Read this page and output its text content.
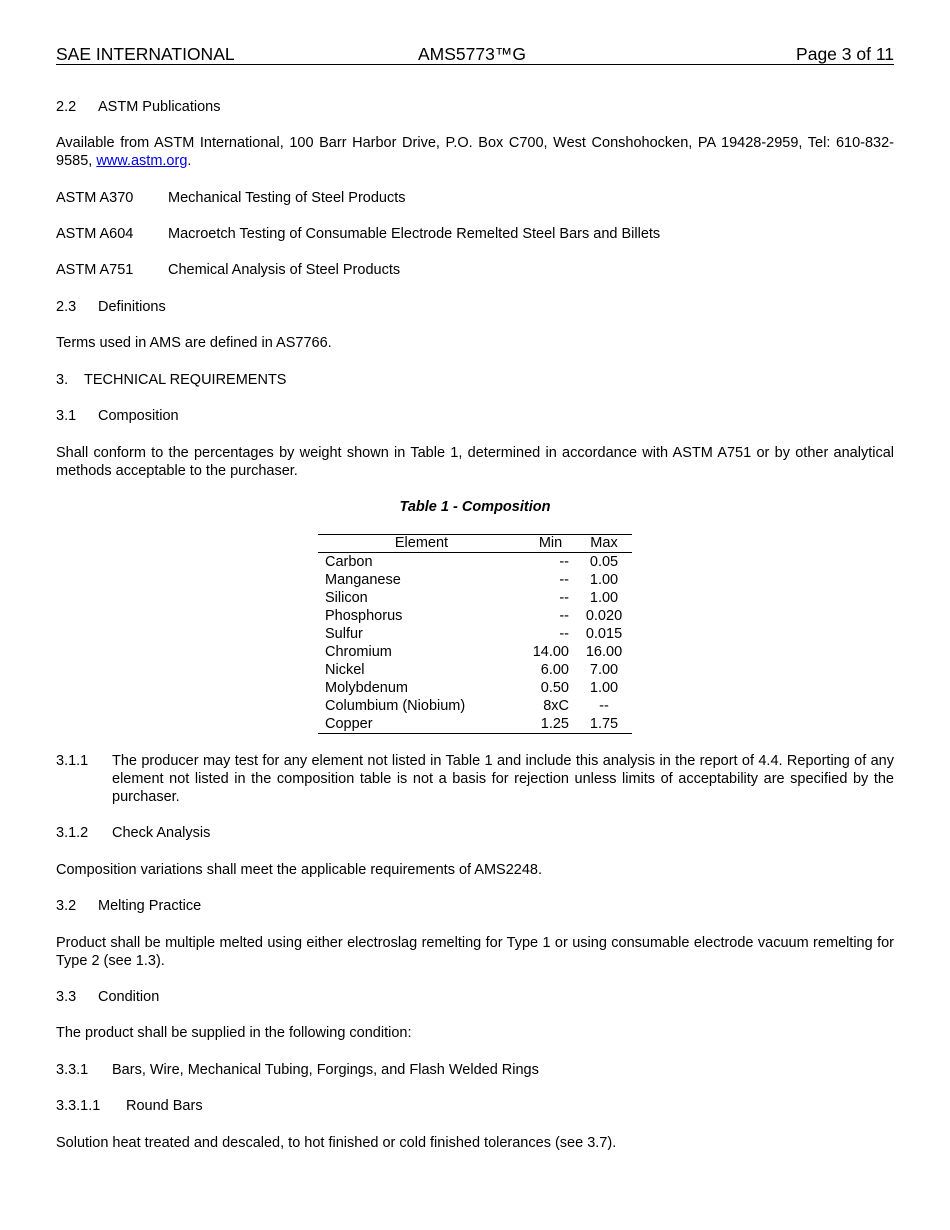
SAE INTERNATIONAL	AMS5773™G	Page 3 of 11
2.2 ASTM Publications
Available from ASTM International, 100 Barr Harbor Drive, P.O. Box C700, West Conshohocken, PA 19428-2959, Tel: 610-832-9585, www.astm.org.
ASTM A370 Mechanical Testing of Steel Products
ASTM A604 Macroetch Testing of Consumable Electrode Remelted Steel Bars and Billets
ASTM A751 Chemical Analysis of Steel Products
2.3 Definitions
Terms used in AMS are defined in AS7766.
3. TECHNICAL REQUIREMENTS
3.1 Composition
Shall conform to the percentages by weight shown in Table 1, determined in accordance with ASTM A751 or by other analytical methods acceptable to the purchaser.
Table 1 - Composition
Element	Min	Max
Carbon	--	0.05
Manganese	--	1.00
Silicon	--	1.00
Phosphorus	--	0.020
Sulfur	--	0.015
Chromium	14.00	16.00
Nickel	6.00	7.00
Molybdenum	0.50	1.00
Columbium (Niobium)	8xC	--
Copper	1.25	1.75
3.1.1 The producer may test for any element not listed in Table 1 and include this analysis in the report of 4.4. Reporting of any element not listed in the composition table is not a basis for rejection unless limits of acceptability are specified by the purchaser.
3.1.2 Check Analysis
Composition variations shall meet the applicable requirements of AMS2248.
3.2 Melting Practice
Product shall be multiple melted using either electroslag remelting for Type 1 or using consumable electrode vacuum remelting for Type 2 (see 1.3).
3.3 Condition
The product shall be supplied in the following condition:
3.3.1 Bars, Wire, Mechanical Tubing, Forgings, and Flash Welded Rings
3.3.1.1 Round Bars
Solution heat treated and descaled, to hot finished or cold finished tolerances (see 3.7).
